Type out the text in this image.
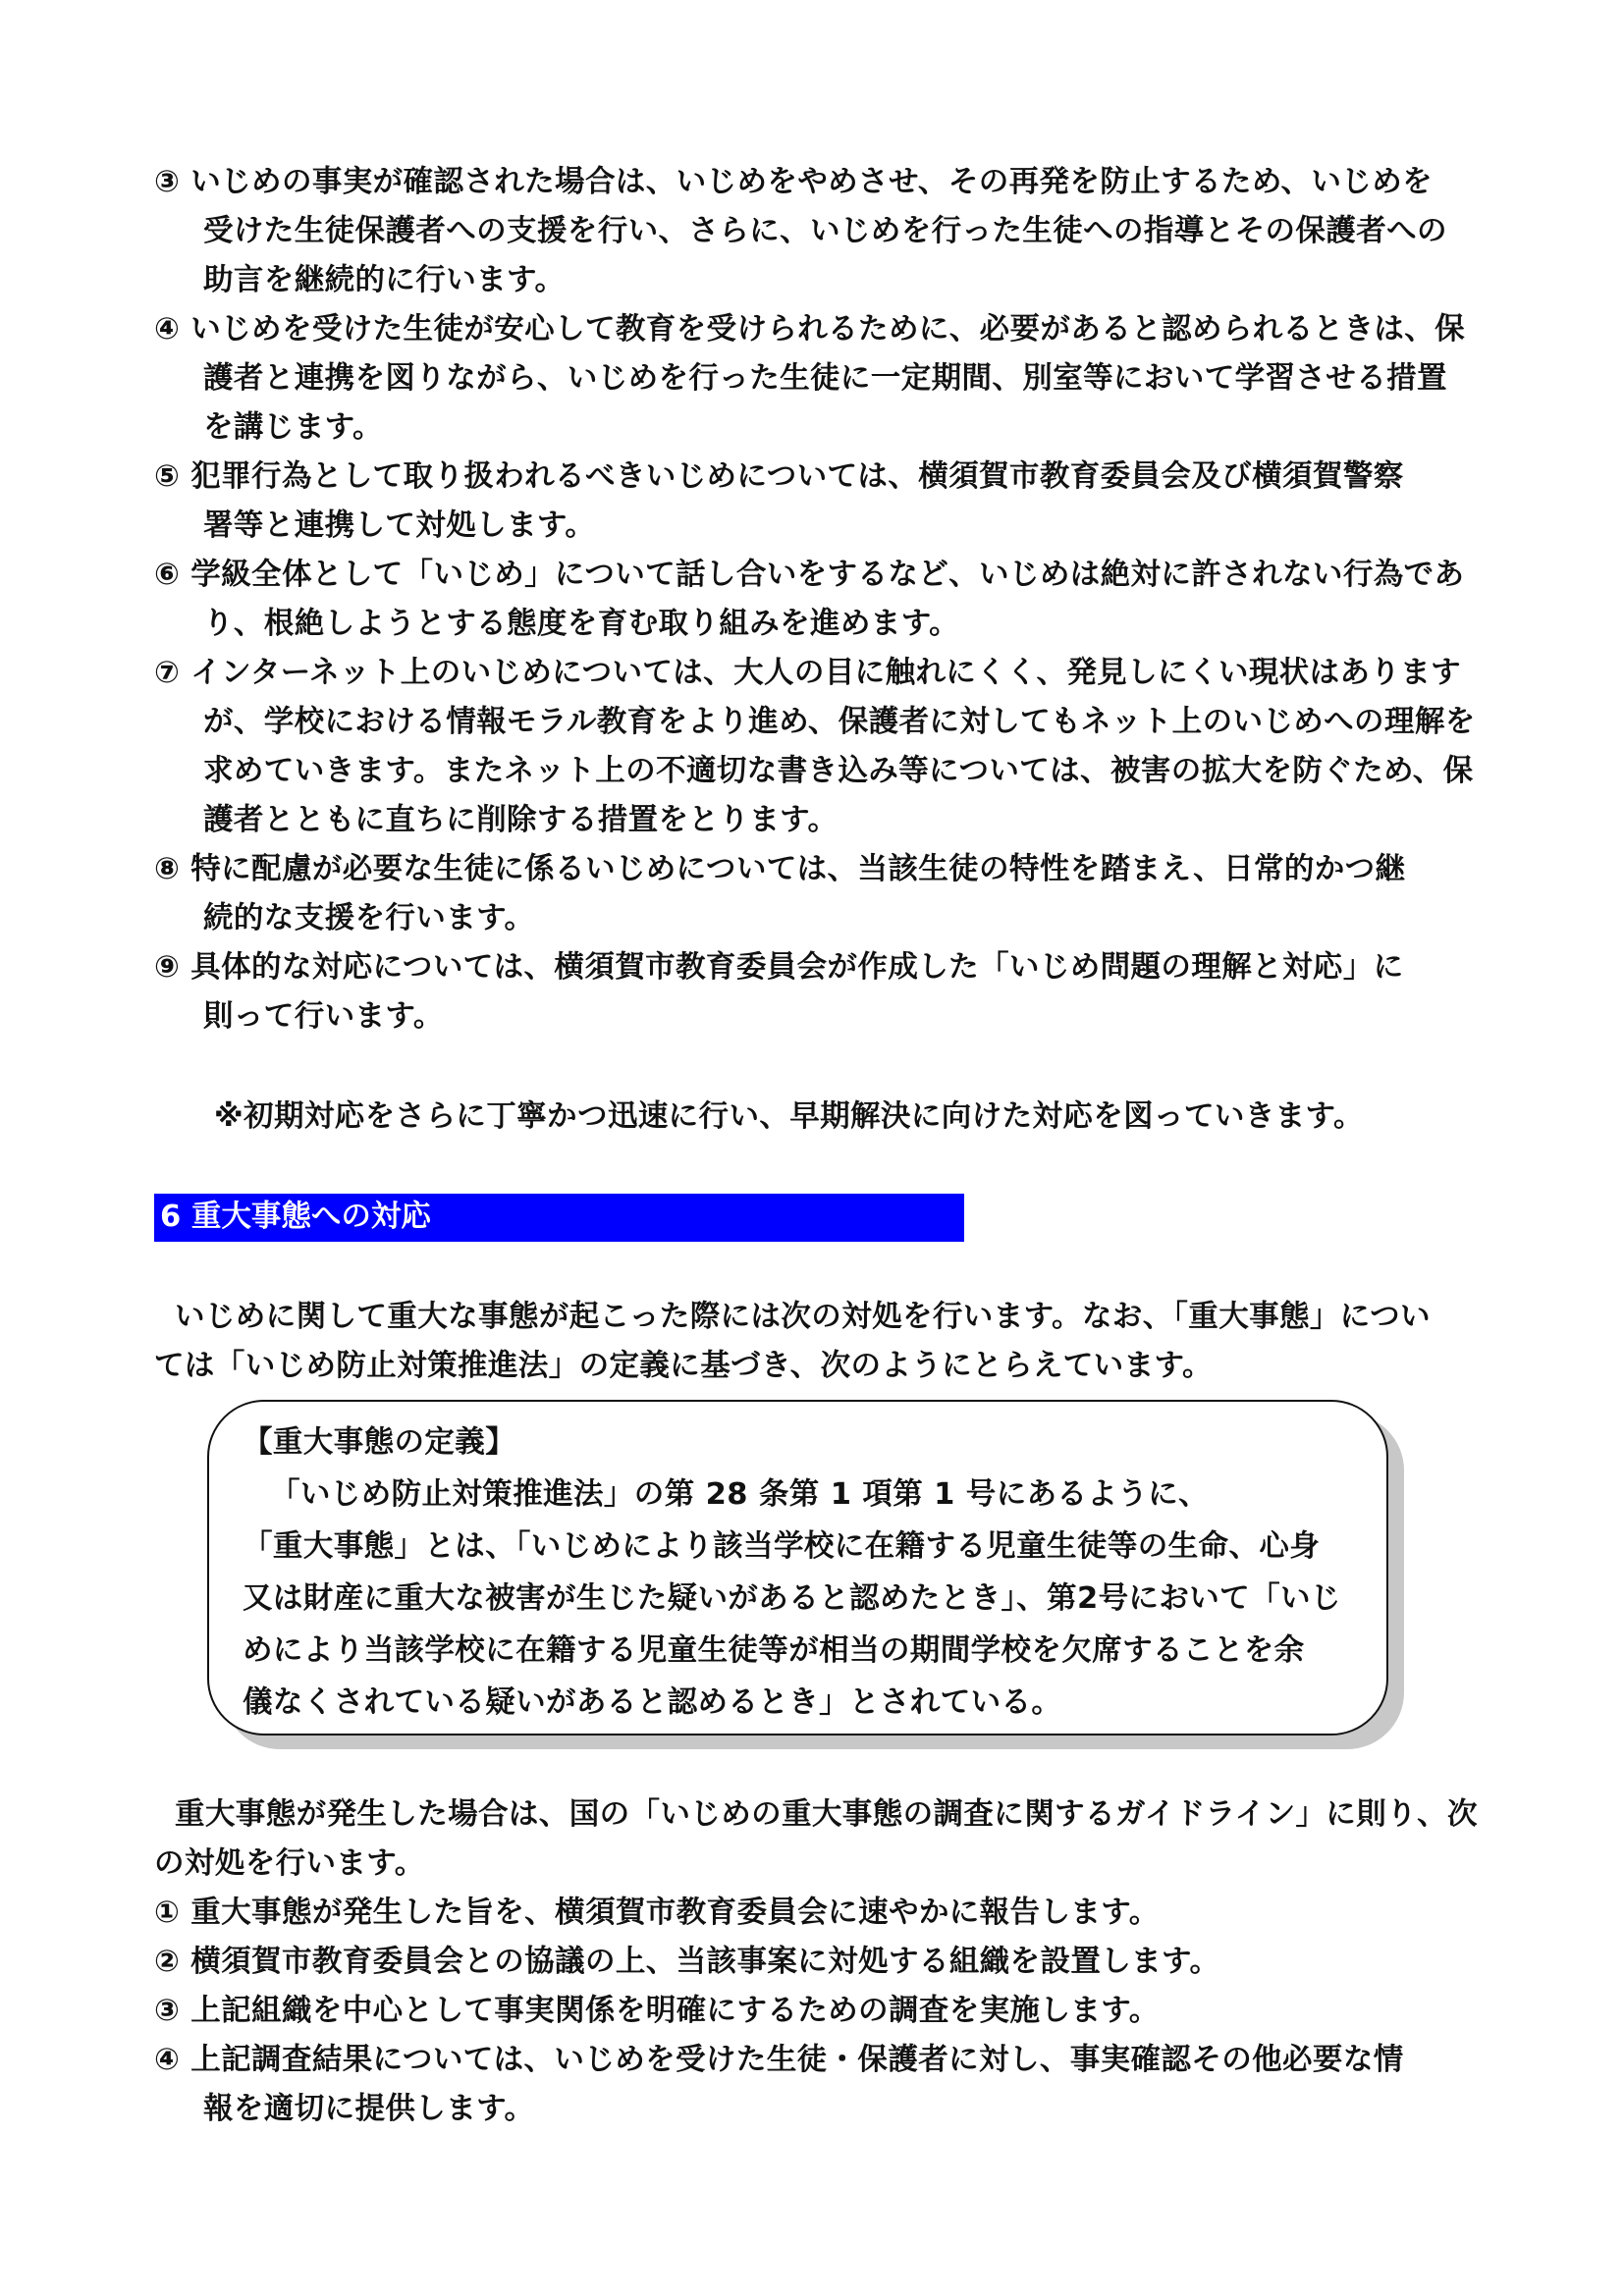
③ いじめの事実が確認された場合は、いじめをやめさせ、その再発を防止するため、いじめを
受けた生徒保護者への支援を行い、さらに、いじめを行った生徒への指導とその保護者への
助言を継続的に行います。
④ いじめを受けた生徒が安心して教育を受けられるために、必要があると認められるときは、保
護者と連携を図りながら、いじめを行った生徒に一定期間、別室等において学習させる措置
を講じます。
⑤ 犯罪行為として取り扱われるべきいじめについては、横須賀市教育委員会及び横須賀警察
署等と連携して対処します。
⑥ 学級全体として「いじめ」について話し合いをするなど、いじめは絶対に許されない行為であ
り、根絶しようとする態度を育む取り組みを進めます。
⑦ インターネット上のいじめについては、大人の目に触れにくく、発見しにくい現状はあります
が、学校における情報モラル教育をより進め、保護者に対してもネット上のいじめへの理解を
求めていきます。またネット上の不適切な書き込み等については、被害の拡大を防ぐため、保
護者とともに直ちに削除する措置をとります。
⑧ 特に配慮が必要な生徒に係るいじめについては、当該生徒の特性を踏まえ、日常的かつ継
続的な支援を行います。
⑨ 具体的な対応については、横須賀市教育委員会が作成した「いじめ問題の理解と対応」に
則って行います。
※初期対応をさらに丁寧かつ迅速に行い、早期解決に向けた対応を図っていきます。
6 重大事態への対応
いじめに関して重大な事態が起こった際には次の対処を行います。なお、「重大事態」につい
ては「いじめ防止対策推進法」の定義に基づき、次のようにとらえています。
【重大事態の定義】
「いじめ防止対策推進法」の第 28 条第 1 項第 1 号にあるように、
「重大事態」とは、「いじめにより該当学校に在籍する児童生徒等の生命、心身
又は財産に重大な被害が生じた疑いがあると認めたとき」、第2号において「いじ
めにより当該学校に在籍する児童生徒等が相当の期間学校を欠席することを余
儀なくされている疑いがあると認めるとき」とされている。
重大事態が発生した場合は、国の「いじめの重大事態の調査に関するガイドライン」に則り、次
の対処を行います。
① 重大事態が発生した旨を、横須賀市教育委員会に速やかに報告します。
② 横須賀市教育委員会との協議の上、当該事案に対処する組織を設置します。
③ 上記組織を中心として事実関係を明確にするための調査を実施します。
④ 上記調査結果については、いじめを受けた生徒・保護者に対し、事実確認その他必要な情
報を適切に提供します。
